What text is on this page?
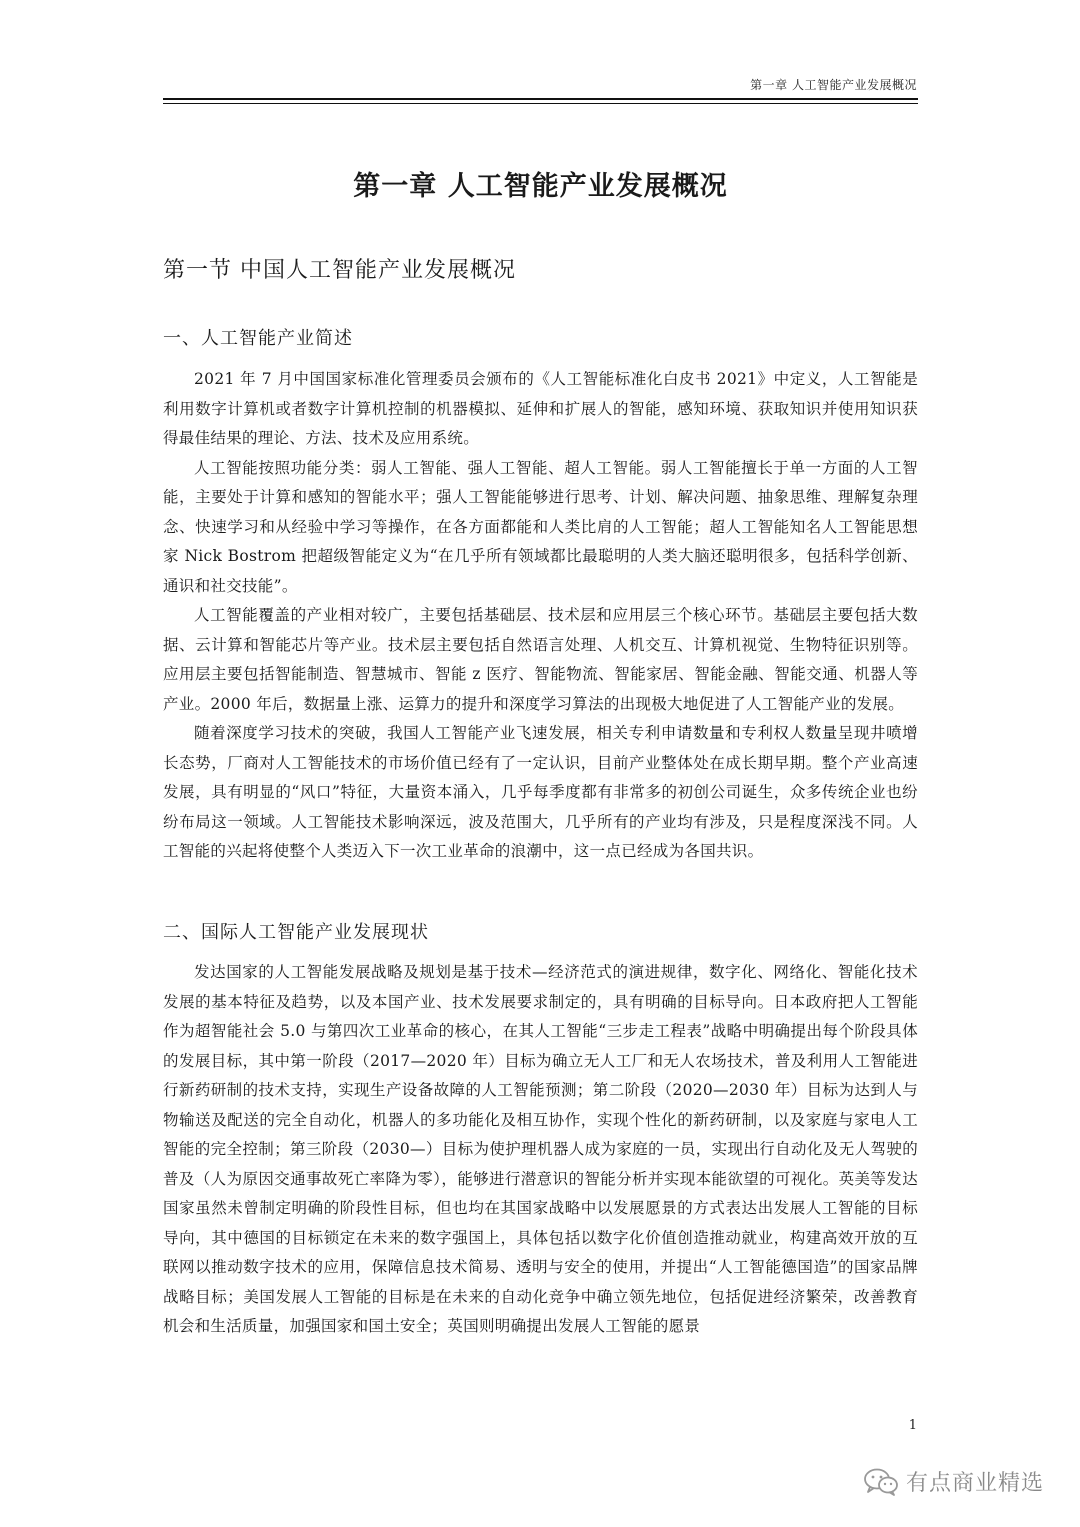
第一章 人工智能产业发展概况
第一章 人工智能产业发展概况
第一节 中国人工智能产业发展概况
一、人工智能产业简述

2021 年 7 月中国国家标准化管理委员会颁布的《人工智能标准化白皮书 2021》中定义，人工智能是利用数字计算机或者数字计算机控制的机器模拟、延伸和扩展人的智能，感知环境、获取知识并使用知识获得最佳结果的理论、方法、技术及应用系统。

人工智能按照功能分类：弱人工智能、强人工智能、超人工智能。弱人工智能擅长于单一方面的人工智能，主要处于计算和感知的智能水平；强人工智能能够进行思考、计划、解决问题、抽象思维、理解复杂理念、快速学习和从经验中学习等操作，在各方面都能和人类比肩的人工智能；超人工智能知名人工智能思想家 Nick Bostrom 把超级智能定义为“在几乎所有领域都比最聪明的人类大脑还聪明很多，包括科学创新、通识和社交技能”。

人工智能覆盖的产业相对较广，主要包括基础层、技术层和应用层三个核心环节。基础层主要包括大数据、云计算和智能芯片等产业。技术层主要包括自然语言处理、人机交互、计算机视觉、生物特征识别等。应用层主要包括智能制造、智慧城市、智能 z 医疗、智能物流、智能家居、智能金融、智能交通、机器人等产业。2000 年后，数据量上涨、运算力的提升和深度学习算法的出现极大地促进了人工智能产业的发展。

随着深度学习技术的突破，我国人工智能产业飞速发展，相关专利申请数量和专利权人数量呈现井喷增长态势，厂商对人工智能技术的市场价值已经有了一定认识，目前产业整体处在成长期早期。整个产业高速发展，具有明显的“风口”特征，大量资本涌入，几乎每季度都有非常多的初创公司诞生，众多传统企业也纷纷布局这一领域。人工智能技术影响深远，波及范围大，几乎所有的产业均有涉及，只是程度深浅不同。人工智能的兴起将使整个人类迈入下一次工业革命的浪潮中，这一点已经成为各国共识。

二、国际人工智能产业发展现状

发达国家的人工智能发展战略及规划是基于技术—经济范式的演进规律，数字化、网络化、智能化技术发展的基本特征及趋势，以及本国产业、技术发展要求制定的，具有明确的目标导向。日本政府把人工智能作为超智能社会 5.0 与第四次工业革命的核心，在其人工智能“三步走工程表”战略中明确提出每个阶段具体的发展目标，其中第一阶段（2017—2020 年）目标为确立无人工厂和无人农场技术，普及利用人工智能进行新药研制的技术支持，实现生产设备故障的人工智能预测；第二阶段（2020—2030 年）目标为达到人与物输送及配送的完全自动化，机器人的多功能化及相互协作，实现个性化的新药研制，以及家庭与家电人工智能的完全控制；第三阶段（2030—）目标为使护理机器人成为家庭的一员，实现出行自动化及无人驾驶的普及（人为原因交通事故死亡率降为零），能够进行潜意识的智能分析并实现本能欲望的可视化。英美等发达国家虽然未曾制定明确的阶段性目标，但也均在其国家战略中以发展愿景的方式表达出发展人工智能的目标导向，其中德国的目标锁定在未来的数字强国上，具体包括以数字化价值创造推动就业，构建高效开放的互联网以推动数字技术的应用，保障信息技术简易、透明与安全的使用，并提出“人工智能德国造”的国家品牌战略目标；美国发展人工智能的目标是在未来的自动化竞争中确立领先地位，包括促进经济繁荣，改善教育机会和生活质量，加强国家和国土安全；英国则明确提出发展人工智能的愿景

1
有点商业精选
